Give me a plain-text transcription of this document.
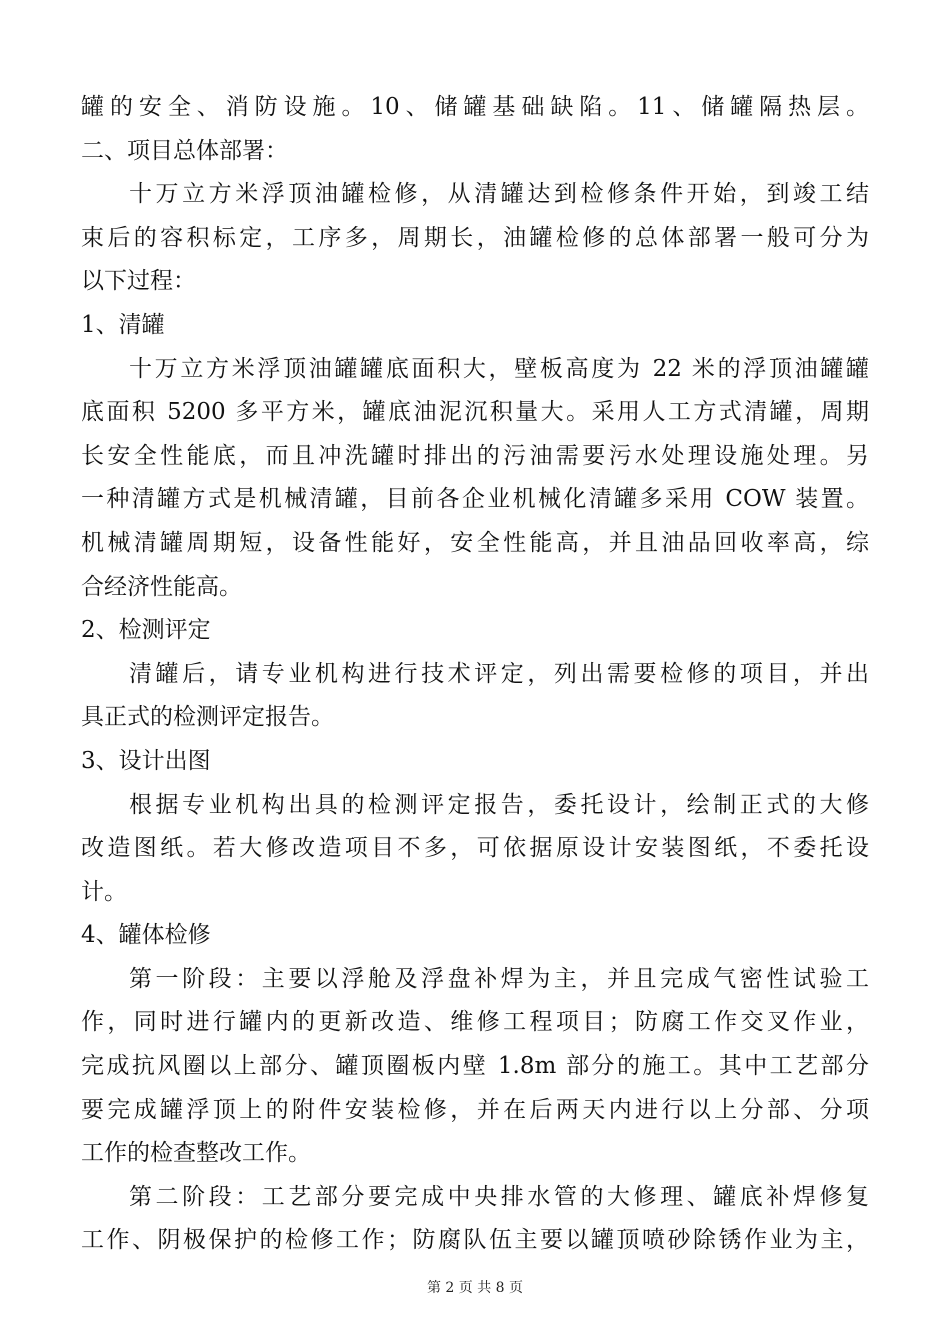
罐的安全、消防设施。10、储罐基础缺陷。11、储罐隔热层。

二、项目总体部署：

十万立方米浮顶油罐检修，从清罐达到检修条件开始，到竣工结

束后的容积标定，工序多，周期长，油罐检修的总体部署一般可分为

以下过程：

1、清罐

十万立方米浮顶油罐罐底面积大，壁板高度为 22 米的浮顶油罐罐

底面积 5200 多平方米，罐底油泥沉积量大。采用人工方式清罐，周期

长安全性能底，而且冲洗罐时排出的污油需要污水处理设施处理。另

一种清罐方式是机械清罐，目前各企业机械化清罐多采用 COW 装置。

机械清罐周期短，设备性能好，安全性能高，并且油品回收率高，综

合经济性能高。

2、检测评定

清罐后，请专业机构进行技术评定，列出需要检修的项目，并出

具正式的检测评定报告。

3、设计出图

根据专业机构出具的检测评定报告，委托设计，绘制正式的大修

改造图纸。若大修改造项目不多，可依据原设计安装图纸，不委托设

计。

4、罐体检修

第一阶段：主要以浮舱及浮盘补焊为主，并且完成气密性试验工

作，同时进行罐内的更新改造、维修工程项目；防腐工作交叉作业，

完成抗风圈以上部分、罐顶圈板内壁 1.8m 部分的施工。其中工艺部分

要完成罐浮顶上的附件安装检修，并在后两天内进行以上分部、分项

工作的检查整改工作。

第二阶段：工艺部分要完成中央排水管的大修理、罐底补焊修复

工作、阴极保护的检修工作；防腐队伍主要以罐顶喷砂除锈作业为主，

第 2 页 共 8 页
